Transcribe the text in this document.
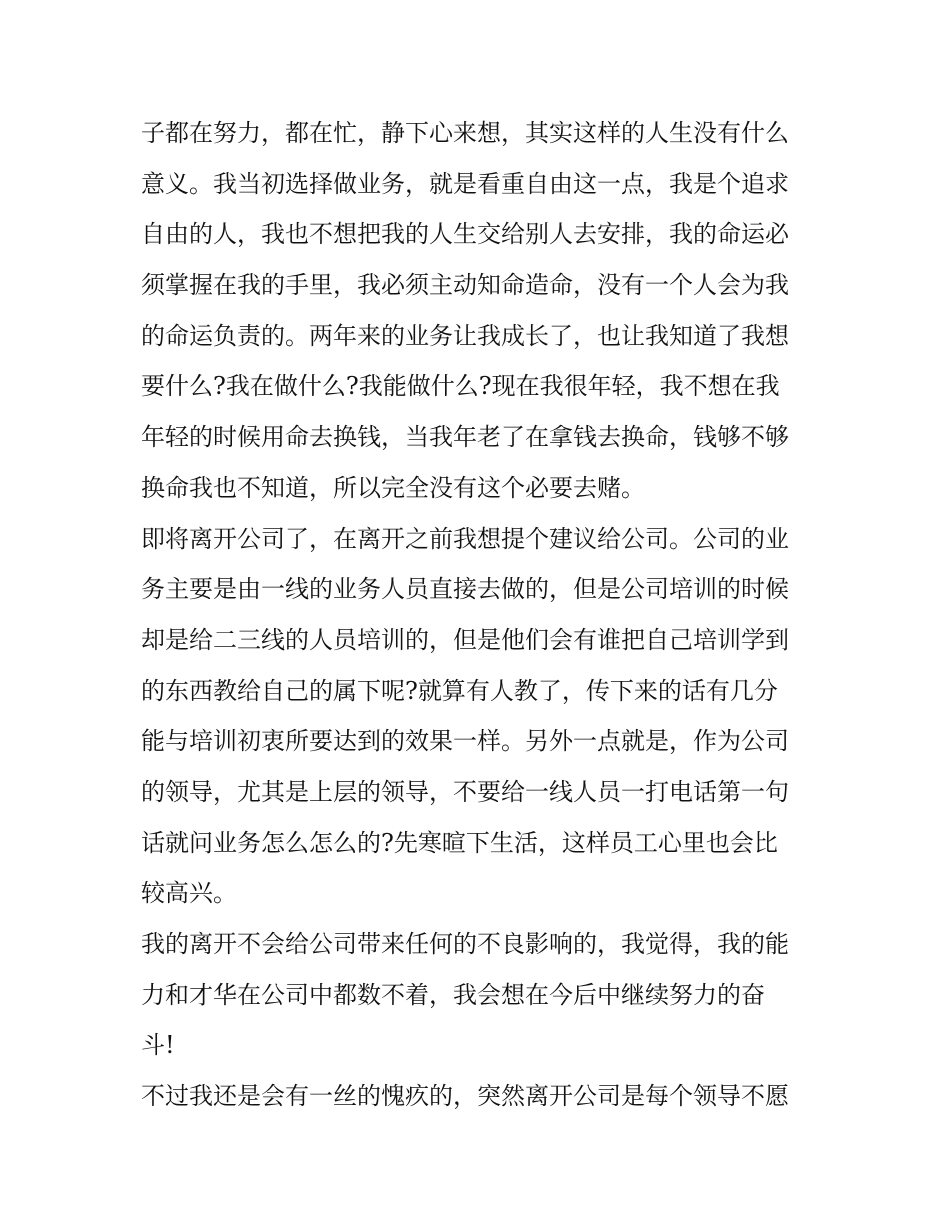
子都在努力，都在忙，静下心来想，其实这样的人生没有什么
意义。我当初选择做业务，就是看重自由这一点，我是个追求
自由的人，我也不想把我的人生交给别人去安排，我的命运必
须掌握在我的手里，我必须主动知命造命，没有一个人会为我
的命运负责的。两年来的业务让我成长了，也让我知道了我想
要什么?我在做什么?我能做什么?现在我很年轻，我不想在我
年轻的时候用命去换钱，当我年老了在拿钱去换命，钱够不够
换命我也不知道，所以完全没有这个必要去赌。
即将离开公司了，在离开之前我想提个建议给公司。公司的业
务主要是由一线的业务人员直接去做的，但是公司培训的时候
却是给二三线的人员培训的，但是他们会有谁把自己培训学到
的东西教给自己的属下呢?就算有人教了，传下来的话有几分
能与培训初衷所要达到的效果一样。另外一点就是，作为公司
的领导，尤其是上层的领导，不要给一线人员一打电话第一句
话就问业务怎么怎么的?先寒暄下生活，这样员工心里也会比
较高兴。
我的离开不会给公司带来任何的不良影响的，我觉得，我的能
力和才华在公司中都数不着，我会想在今后中继续努力的奋
斗!
不过我还是会有一丝的愧疚的，突然离开公司是每个领导不愿
